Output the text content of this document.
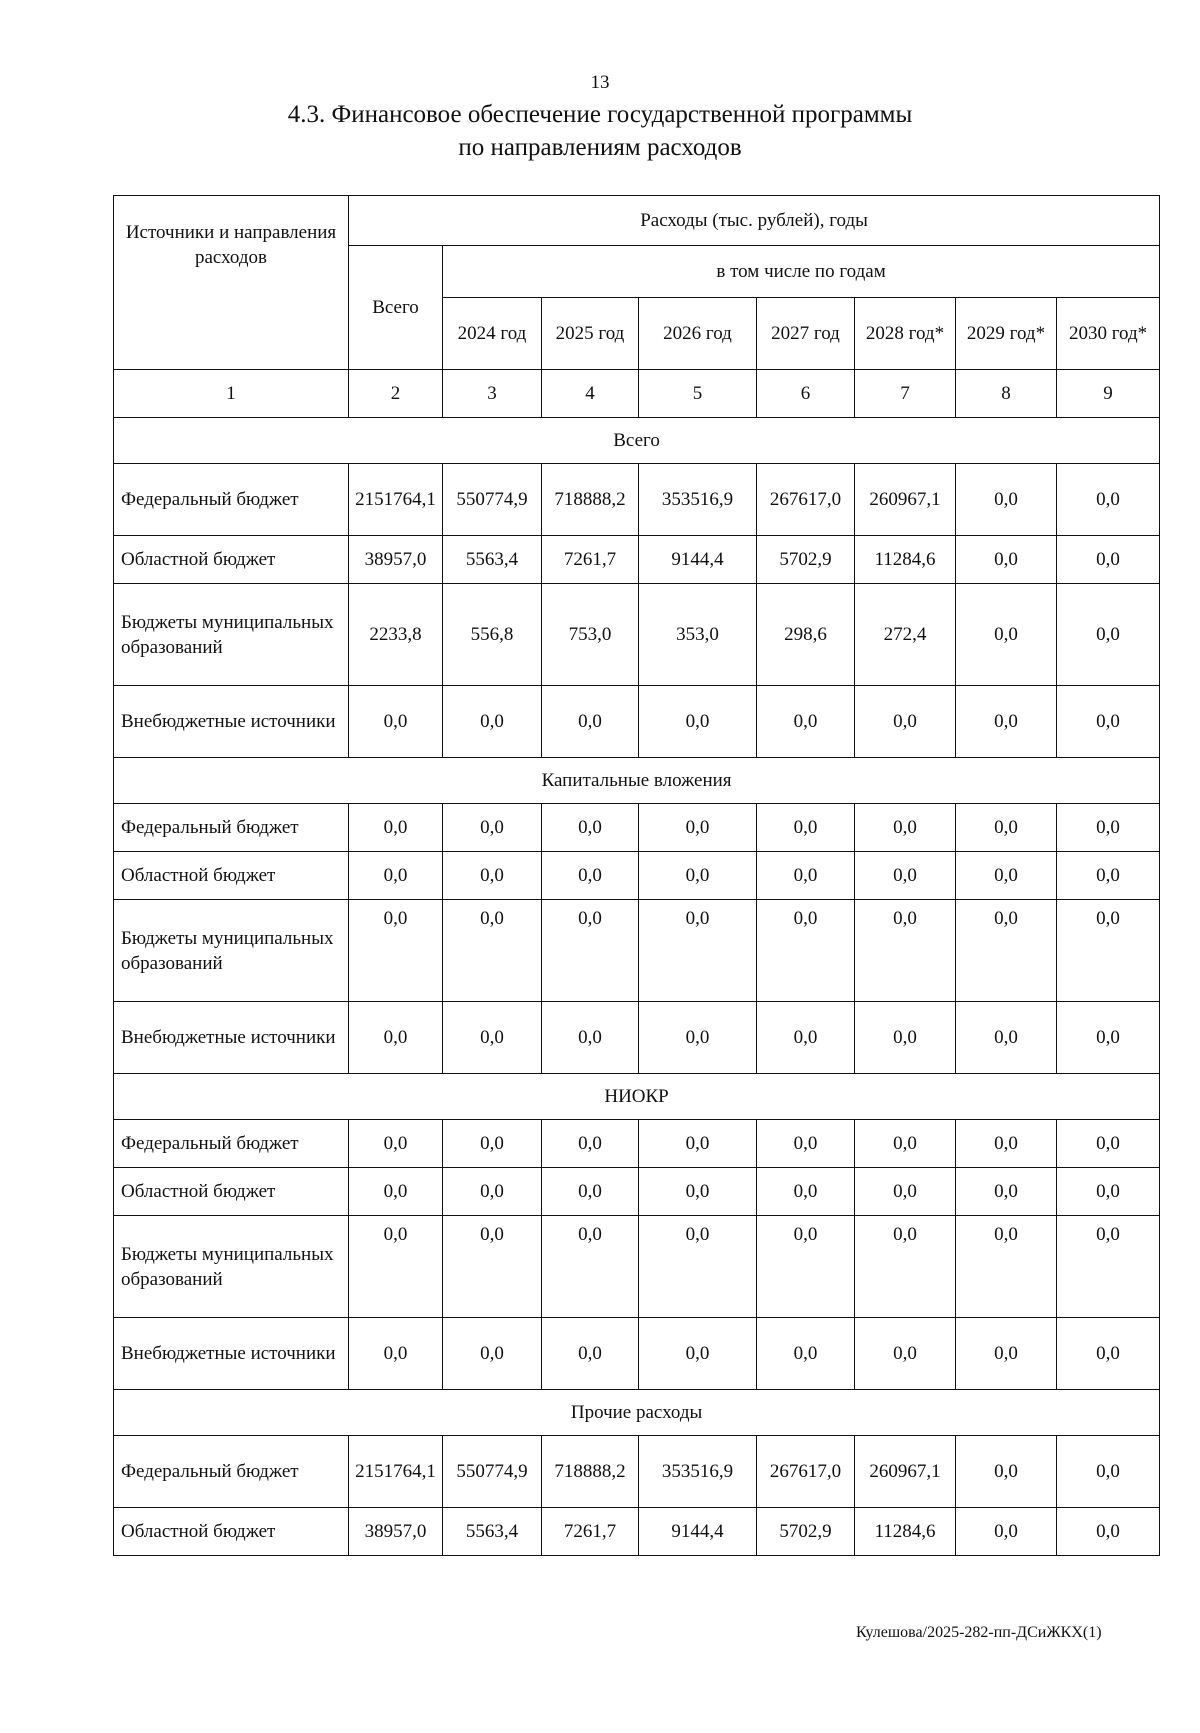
13
4.3. Финансовое обеспечение государственной программы
по направлениям расходов
Источники и направления расходов	Расходы (тыс. рублей), годы							
	Всего	в том числе по годам						
		2024 год	2025 год	2026 год	2027 год	2028 год*	2029 год*	2030 год*
1	2	3	4	5	6	7	8	9
Всего								
Федеральный бюджет	2151764,1	550774,9	718888,2	353516,9	267617,0	260967,1	0,0	0,0
Областной бюджет	38957,0	5563,4	7261,7	9144,4	5702,9	11284,6	0,0	0,0
Бюджеты муниципальных образований	2233,8	556,8	753,0	353,0	298,6	272,4	0,0	0,0
Внебюджетные источники	0,0	0,0	0,0	0,0	0,0	0,0	0,0	0,0
Капитальные вложения								
Федеральный бюджет	0,0	0,0	0,0	0,0	0,0	0,0	0,0	0,0
Областной бюджет	0,0	0,0	0,0	0,0	0,0	0,0	0,0	0,0
Бюджеты муниципальных образований	0,0	0,0	0,0	0,0	0,0	0,0	0,0	0,0
Внебюджетные источники	0,0	0,0	0,0	0,0	0,0	0,0	0,0	0,0
НИОКР								
Федеральный бюджет	0,0	0,0	0,0	0,0	0,0	0,0	0,0	0,0
Областной бюджет	0,0	0,0	0,0	0,0	0,0	0,0	0,0	0,0
Бюджеты муниципальных образований	0,0	0,0	0,0	0,0	0,0	0,0	0,0	0,0
Внебюджетные источники	0,0	0,0	0,0	0,0	0,0	0,0	0,0	0,0
Прочие расходы								
Федеральный бюджет	2151764,1	550774,9	718888,2	353516,9	267617,0	260967,1	0,0	0,0
Областной бюджет	38957,0	5563,4	7261,7	9144,4	5702,9	11284,6	0,0	0,0
Кулешова/2025-282-пп-ДСиЖКХ(1)
